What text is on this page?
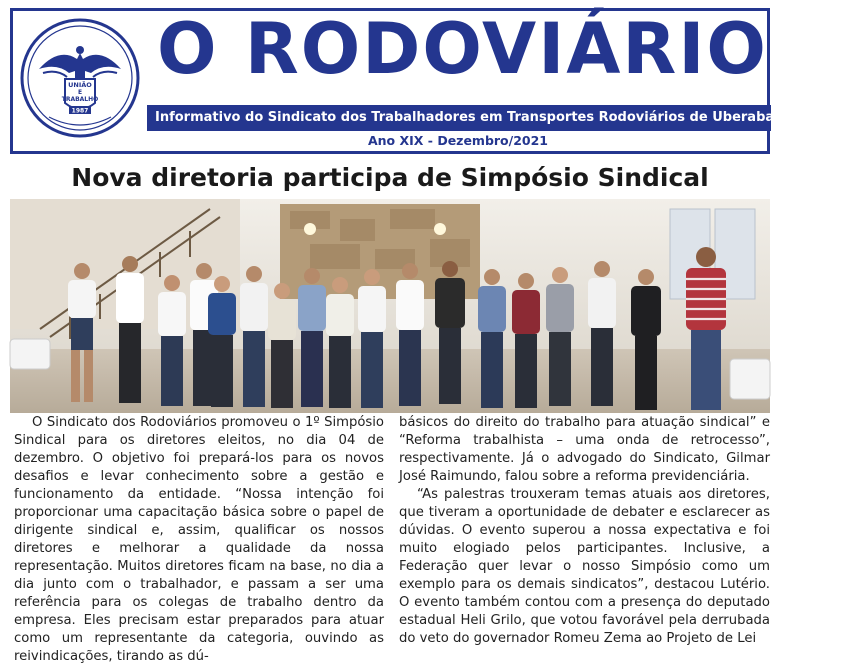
UNIÃO
E
TRABALHO
1987
O RODOVIÁRIO
Informativo do Sindicato dos Trabalhadores em Transportes Rodoviários de Uberaba e Região
Ano XIX - Dezembro/2021
Nova diretoria participa de Simpósio Sindical

O Sindicato dos Rodoviários promoveu o 1º Simpósio Sindical para os diretores eleitos, no dia 04 de dezembro. O objetivo foi prepará-los para os novos desafios e levar conhecimento sobre a gestão e funcionamento da entidade. “Nossa intenção foi proporcionar uma capacitação básica sobre o papel de dirigente sindical e, assim, qualificar os nossos diretores e melhorar a qualidade da nossa representação. Muitos diretores ficam na base, no dia a dia junto com o trabalhador, e passam a ser uma referência para os colegas de trabalho dentro da empresa. Eles precisam estar preparados para atuar como um representante da categoria, ouvindo as reivindicações, tirando as dú-

básicos do direito do trabalho para atuação sindical” e “Reforma trabalhista – uma onda de retrocesso”, respectivamente. Já o advogado do Sindicato, Gilmar José Raimundo, falou sobre a reforma previdenciária.

“As palestras trouxeram temas atuais aos diretores, que tiveram a oportunidade de debater e esclarecer as dúvidas. O evento superou a nossa expectativa e foi muito elogiado pelos participantes. Inclusive, a Federação quer levar o nosso Simpósio como um exemplo para os demais sindicatos”, destacou Lutério. O evento também contou com a presença do deputado estadual Heli Grilo, que votou favorável pela derrubada do veto do governador Romeu Zema ao Projeto de Lei
